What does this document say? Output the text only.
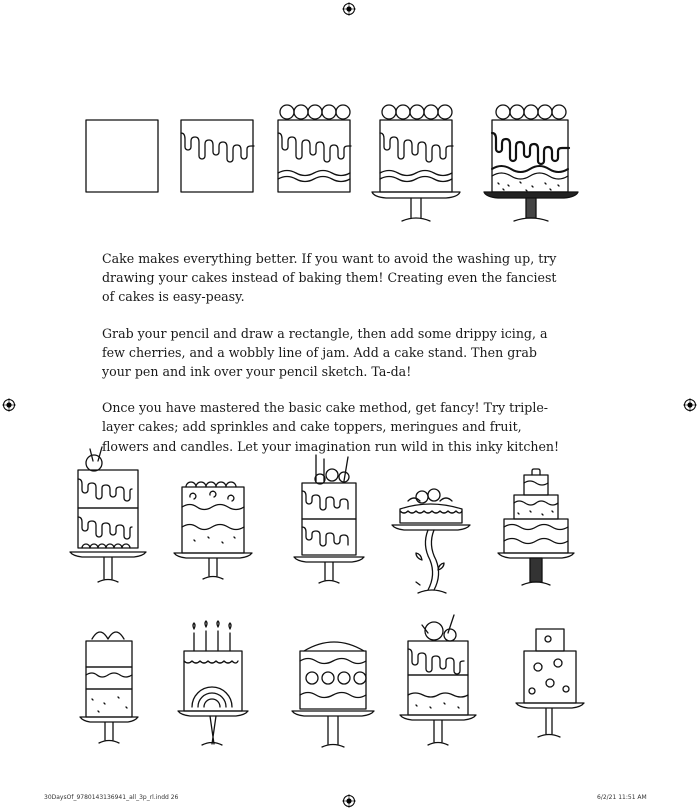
Cake makes everything better. If you want to avoid the washing up, try drawing your cakes instead of baking them! Creating even the fanciest of cakes is easy-peasy.

Grab your pencil and draw a rectangle, then add some drippy icing, a few cherries, and a wobbly line of jam. Add a cake stand. Then grab your pen and ink over your pencil sketch. Ta-da!

Once you have mastered the basic cake method, get fancy! Try triple-layer cakes; add sprinkles and cake toppers, meringues and fruit, flowers and candles. Let your imagination run wild in this inky kitchen!

30DaysOf_9780143136941_all_3p_rl.indd 26	6/2/21 11:51 AM
